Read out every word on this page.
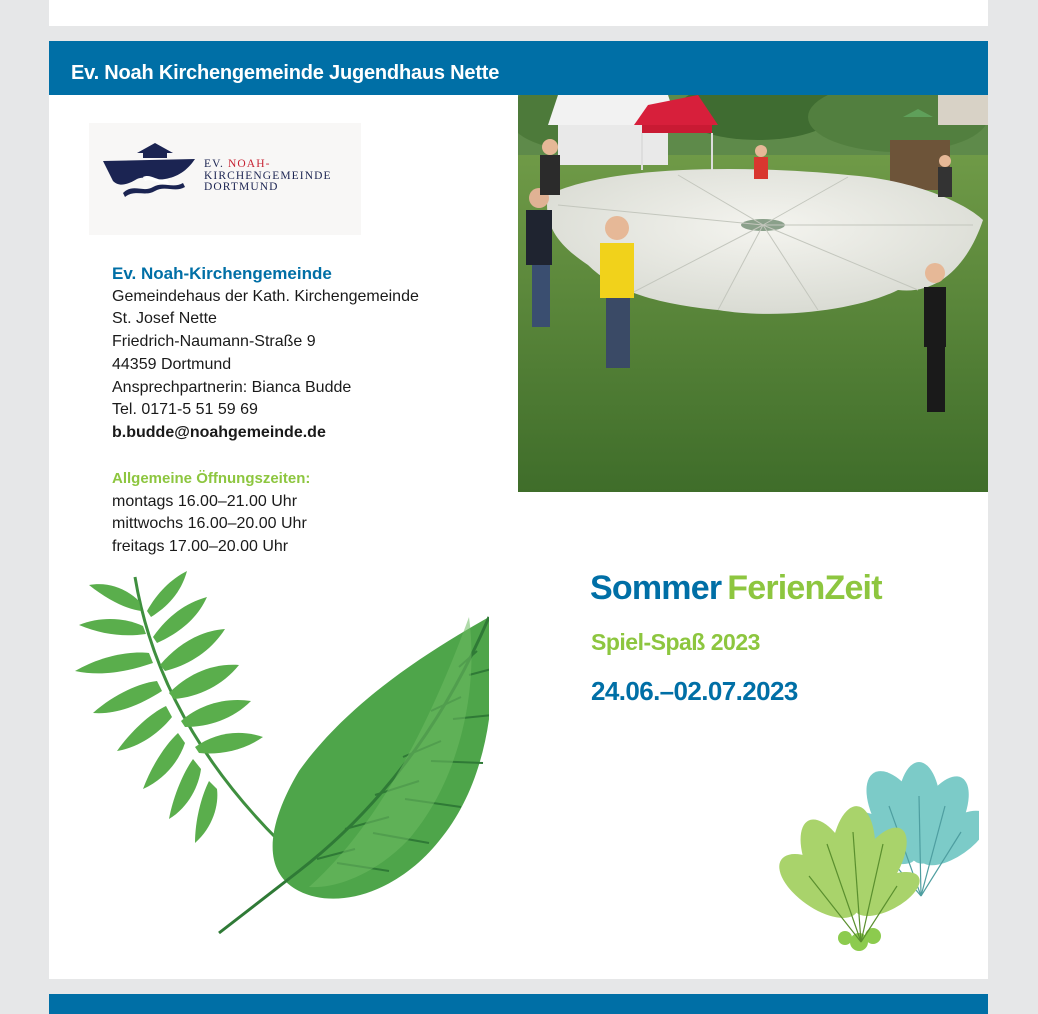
Ev. Noah Kirchengemeinde Jugendhaus Nette
EV. NOAH-
KIRCHENGEMEINDE
DORTMUND
Ev. Noah-Kirchengemeinde
Gemeindehaus der Kath. Kirchengemeinde
St. Josef Nette
Friedrich-Naumann-Straße 9
44359 Dortmund
Ansprechpartnerin: Bianca Budde
Tel. 0171-5 51 59 69
b.budde@noahgemeinde.de
Allgemeine Öffnungszeiten:
montags 16.00–21.00 Uhr
mittwochs 16.00–20.00 Uhr
freitags 17.00–20.00 Uhr
Sommer FerienZeit
Spiel-Spaß 2023
24.06.–02.07.2023
